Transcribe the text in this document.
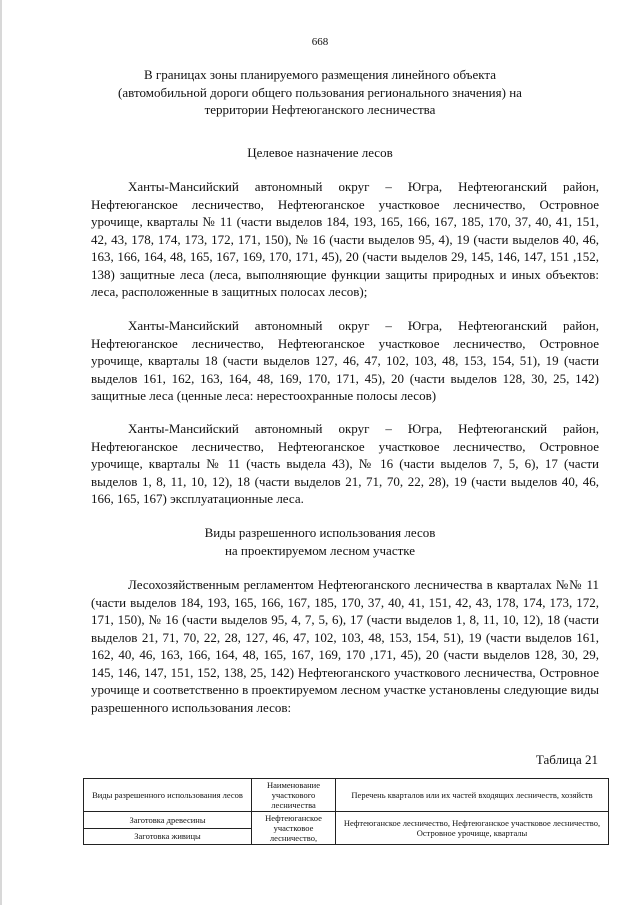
668
В границах зоны планируемого размещения линейного объекта
(автомобильной дороги общего пользования регионального значения) на
территории Нефтеюганского лесничества
Целевое назначение лесов
Ханты-Мансийский автономный округ – Югра, Нефтеюганский район, Нефтеюганское лесничество, Нефтеюганское участковое лесничество, Островное урочище, кварталы № 11 (части выделов 184, 193, 165, 166, 167, 185, 170, 37, 40, 41, 151, 42, 43, 178, 174, 173, 172, 171, 150), № 16 (части выделов 95, 4), 19 (части выделов 40, 46, 163, 166, 164, 48, 165, 167, 169, 170, 171, 45), 20 (части выделов 29, 145, 146, 147, 151 ,152, 138) защитные леса (леса, выполняющие функции защиты природных и иных объектов: леса, расположенные в защитных полосах лесов);
Ханты-Мансийский автономный округ – Югра, Нефтеюганский район, Нефтеюганское лесничество, Нефтеюганское участковое лесничество, Островное урочище, кварталы 18 (части выделов 127, 46, 47, 102, 103, 48, 153, 154, 51), 19 (части выделов 161, 162, 163, 164, 48, 169, 170, 171, 45), 20 (части выделов 128, 30, 25, 142) защитные леса (ценные леса: нерестоохранные полосы лесов)
Ханты-Мансийский автономный округ – Югра, Нефтеюганский район, Нефтеюганское лесничество, Нефтеюганское участковое лесничество, Островное урочище, кварталы № 11 (часть выдела 43), № 16 (части выделов 7, 5, 6), 17 (части выделов 1, 8, 11, 10, 12), 18 (части выделов 21, 71, 70, 22, 28), 19 (части выделов 40, 46, 166, 165, 167) эксплуатационные леса.
Виды разрешенного использования лесов
на проектируемом лесном участке
Лесохозяйственным регламентом Нефтеюганского лесничества в кварталах №№ 11 (части выделов 184, 193, 165, 166, 167, 185, 170, 37, 40, 41, 151, 42, 43, 178, 174, 173, 172, 171, 150), № 16 (части выделов 95, 4, 7, 5, 6), 17 (части выделов 1, 8, 11, 10, 12), 18 (части выделов 21, 71, 70, 22, 28, 127, 46, 47, 102, 103, 48, 153, 154, 51), 19 (части выделов 161, 162, 40, 46, 163, 166, 164, 48, 165, 167, 169, 170 ,171, 45), 20 (части выделов 128, 30, 29, 145, 146, 147, 151, 152, 138, 25, 142) Нефтеюганского участкового лесничества, Островное урочище и соответственно в проектируемом лесном участке установлены следующие виды разрешенного использования лесов:
Таблица 21
Виды разрешенного использования лесов	Наименование участкового лесничества	Перечень кварталов или их частей входящих лесничеств, хозяйств
Заготовка древесины	Нефтеюганское участковое лесничество,	Нефтеюганское лесничество, Нефтеюганское участковое лесничество, Островное урочище, кварталы
Заготовка живицы		
